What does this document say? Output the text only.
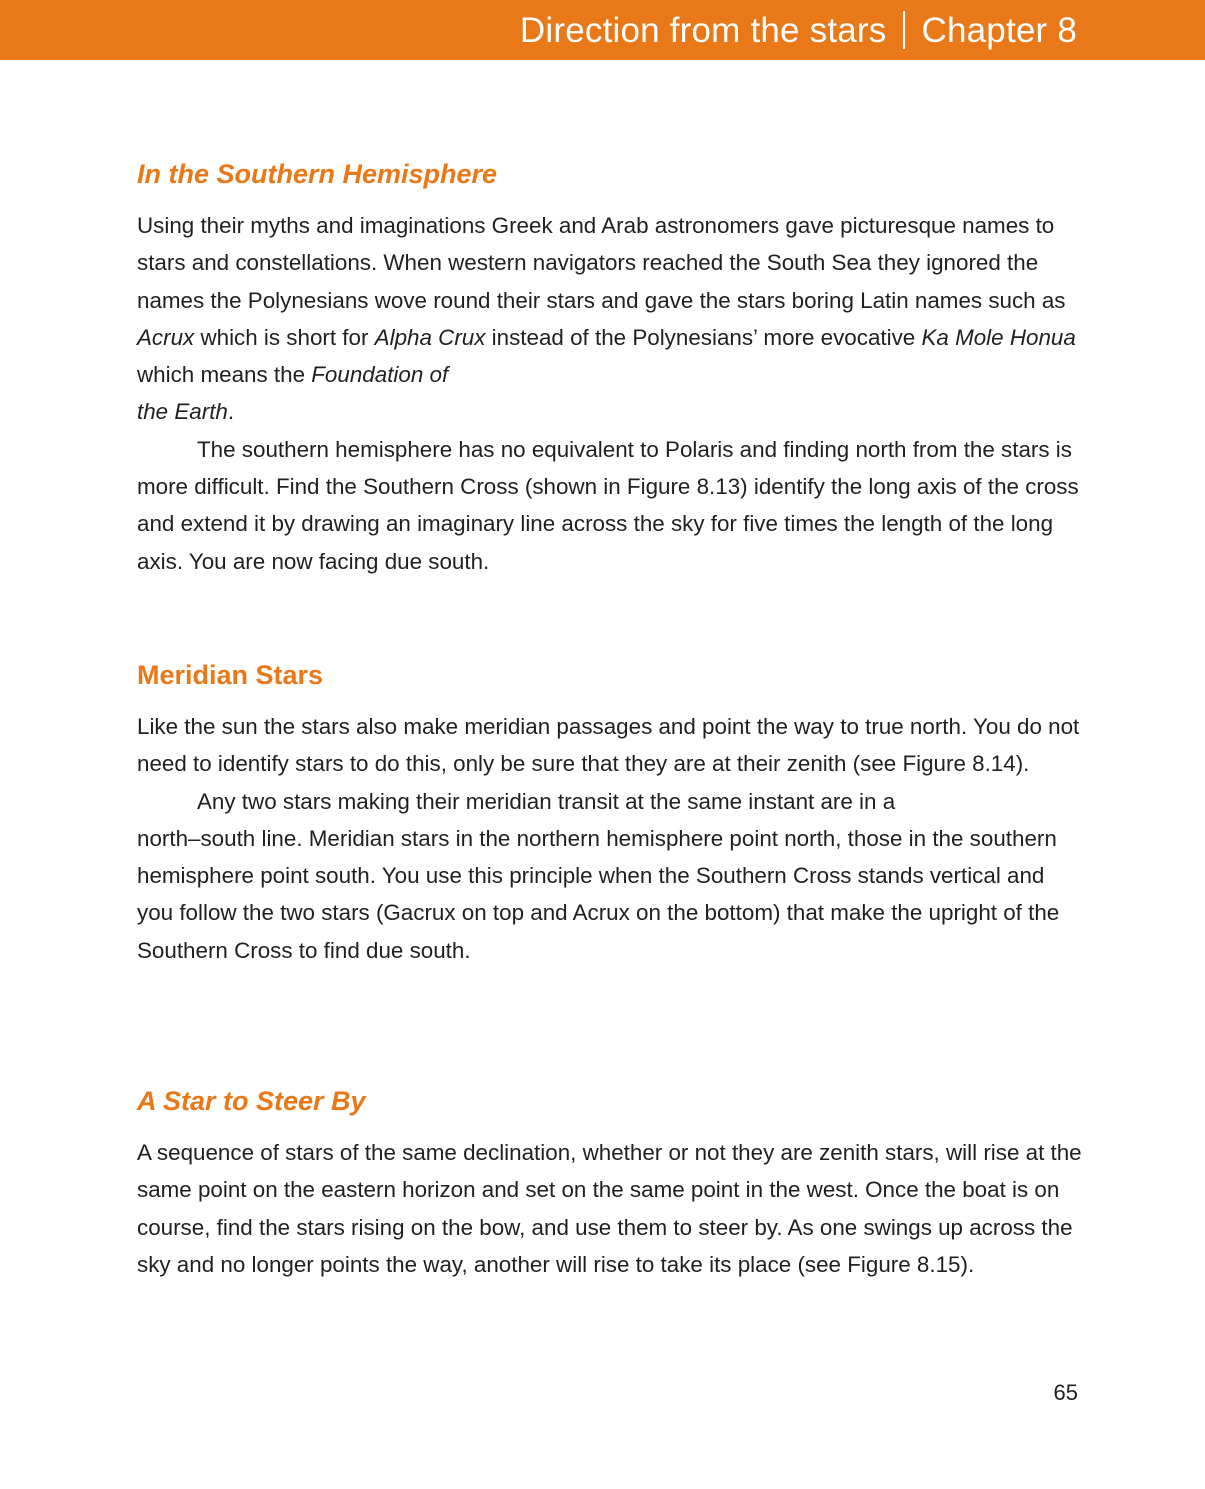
Direction from the stars Chapter 8
In the Southern Hemisphere

Using their myths and imaginations Greek and Arab astronomers gave picturesque names to stars and constellations. When western navigators reached the South Sea they ignored the names the Polynesians wove round their stars and gave the stars boring Latin names such as Acrux which is short for Alpha Crux instead of the Polynesians’ more evocative Ka Mole Honua which means the Foundation of
the Earth.

The southern hemisphere has no equivalent to Polaris and finding north from the stars is more difficult. Find the Southern Cross (shown in Figure 8.13) identify the long axis of the cross and extend it by drawing an imaginary line across the sky for five times the length of the long axis. You are now facing due south.

Meridian Stars

Like the sun the stars also make meridian passages and point the way to true north. You do not need to identify stars to do this, only be sure that they are at their zenith (see Figure 8.14).

Any two stars making their meridian transit at the same instant are in a
north–south line. Meridian stars in the northern hemisphere point north, those in the southern hemisphere point south. You use this principle when the Southern Cross stands vertical and you follow the two stars (Gacrux on top and Acrux on the bottom) that make the upright of the Southern Cross to find due south.

A Star to Steer By

A sequence of stars of the same declination, whether or not they are zenith stars, will rise at the same point on the eastern horizon and set on the same point in the west. Once the boat is on course, find the stars rising on the bow, and use them to steer by. As one swings up across the sky and no longer points the way, another will rise to take its place (see Figure 8.15).

65
